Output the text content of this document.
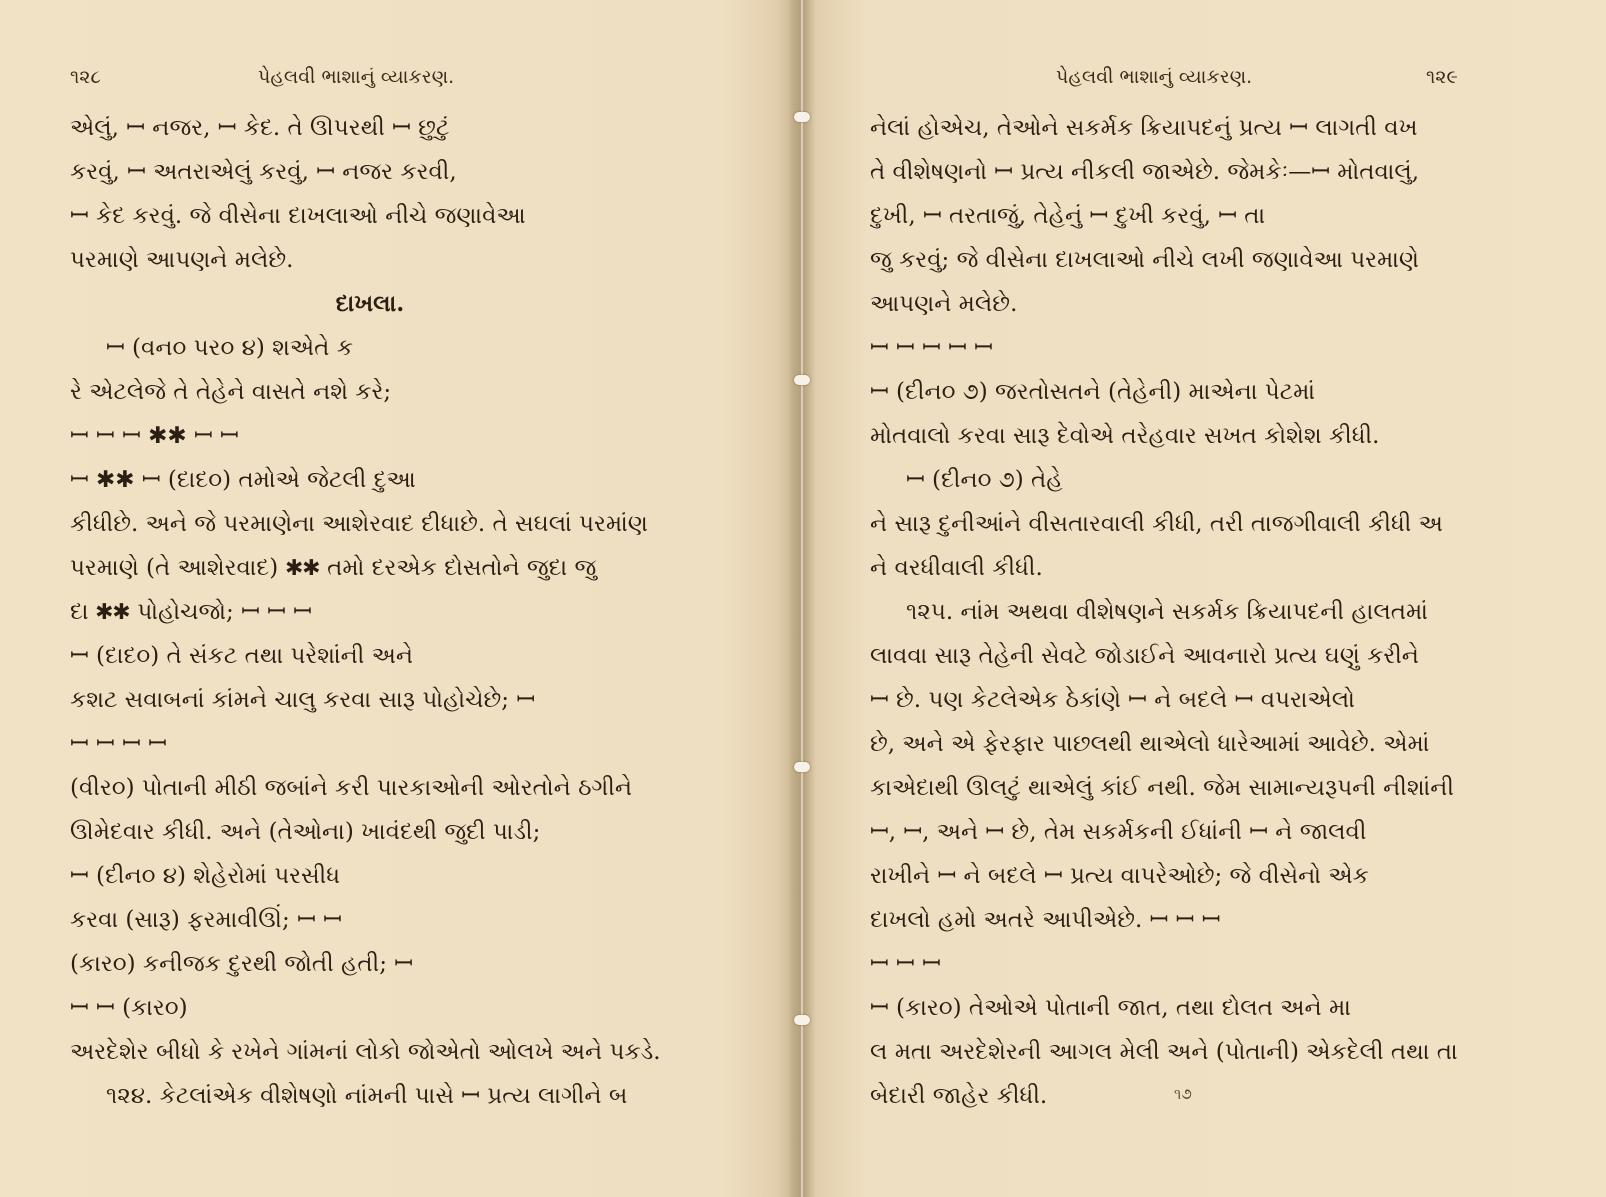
૧૨૮	પેહલવી ભાશાનું વ્યાકરણ.
એલું, ꟷ નજર, ꟷ કેદ. તે ઊપરથી ꟷ છુટું
કરવું, ꟷ અતરાએલું કરવું, ꟷ નજર કરવી,
ꟷ કેદ કરવું. જે વીસેના દાખલાઓ નીચે જણાવેઆ
પરમાણે આપણને મલેછે.
દાખલા.
ꟷ (વન૦ પર૦ ૪) શએતે ક
રે એટલેજે તે તેહેને વાસતે નશે કરે;
ꟷ ꟷ ꟷ ✱✱ ꟷ ꟷ
ꟷ ✱✱ ꟷ (દાદ૦) તમોએ જેટલી દુઆ
કીધીછે. અને જે પરમાણેના આશેરવાદ દીધાછે. તે સઘલાં પરમાંણ
પરમાણે (તે આશેરવાદ) ✱✱ તમો દરએક દોસતોને જુદા જુ
દા ✱✱ પોહોચજો; ꟷ ꟷ ꟷ
ꟷ (દાદ૦) તે સંકટ તથા પરેશાંની અને
કશટ સવાબનાં કાંમને ચાલુ કરવા સારૂ પોહોચેછે; ꟷ
ꟷ ꟷ ꟷ ꟷ
(વીર૦) પોતાની મીઠી જબાંને કરી પારકાઓની ઓરતોને ઠગીને
ઊમેદવાર કીધી. અને (તેઓના) ખાવંદથી જુદી પાડી;
ꟷ (દીન૦ ૪) શેહેરોમાં પરસીધ
કરવા (સારૂ) ફરમાવીઊં; ꟷ ꟷ
(કાર૦) કનીજક દુરથી જોતી હતી; ꟷ
ꟷ ꟷ (કાર૦)
અરદેશેર બીધો કે રખેને ગાંમનાં લોકો જોએતો ઓલખે અને પકડે.
૧૨૪. કેટલાંએક વીશેષણો નાંમની પાસે ꟷ પ્રત્ય લાગીને બ
પેહલવી ભાશાનું વ્યાકરણ.	૧૨૯
નેલાં હોએચ, તેઓને સકર્મક ક્રિયાપદનું પ્રત્ય ꟷ લાગતી વખ
તે વીશેષણનો ꟷ પ્રત્ય નીકલી જાએછે. જેમકેઃ—ꟷ મોતવાલું,
દુખી, ꟷ તરતાજું, તેહેનું ꟷ દુખી કરવું, ꟷ તા
જુ કરવું; જે વીસેના દાખલાઓ નીચે લખી જણાવેઆ પરમાણે
આપણને મલેછે.
ꟷ ꟷ ꟷ ꟷ ꟷ
ꟷ (દીન૦ ૭) જરતોસતને (તેહેની) માએના પેટમાં
મોતવાલો કરવા સારૂ દેવોએ તરેહવાર સખત કોશેશ કીધી.
ꟷ (દીન૦ ૭) તેહે
ને સારૂ દુનીઆંને વીસતારવાલી કીધી, તરી તાજગીવાલી કીધી અ
ને વરધીવાલી કીધી.
૧૨૫. નાંમ અથવા વીશેષણને સકર્મક ક્રિયાપદની હાલતમાં
લાવવા સારૂ તેહેની સેવટે જોડાઈને આવનારો પ્રત્ય ઘણું કરીને
ꟷ છે. પણ કેટલેએક ઠેકાંણે ꟷ ને બદલે ꟷ વપરાએલો
છે, અને એ ફેરફાર પાછલથી થાએલો ધારેઆમાં આવેછે. એમાં
કાએદાથી ઊલટું થાએલું કાંઈ નથી. જેમ સામાન્યરૂપની નીશાંની
ꟷ, ꟷ, અને ꟷ છે, તેમ સકર્મકની ઈધાંની ꟷ ને જાલવી
રાખીને ꟷ ને બદલે ꟷ પ્રત્ય વાપરેઓછે; જે વીસેનો એક
દાખલો હમો અતરે આપીએછે. ꟷ ꟷ ꟷ
ꟷ ꟷ ꟷ
ꟷ (કાર૦) તેઓએ પોતાની જાત, તથા દોલત અને મા
લ મતા અરદેશેરની આગલ મેલી અને (પોતાની) એકદેલી તથા તા
બેદારી જાહેર કીધી.	૧૭
